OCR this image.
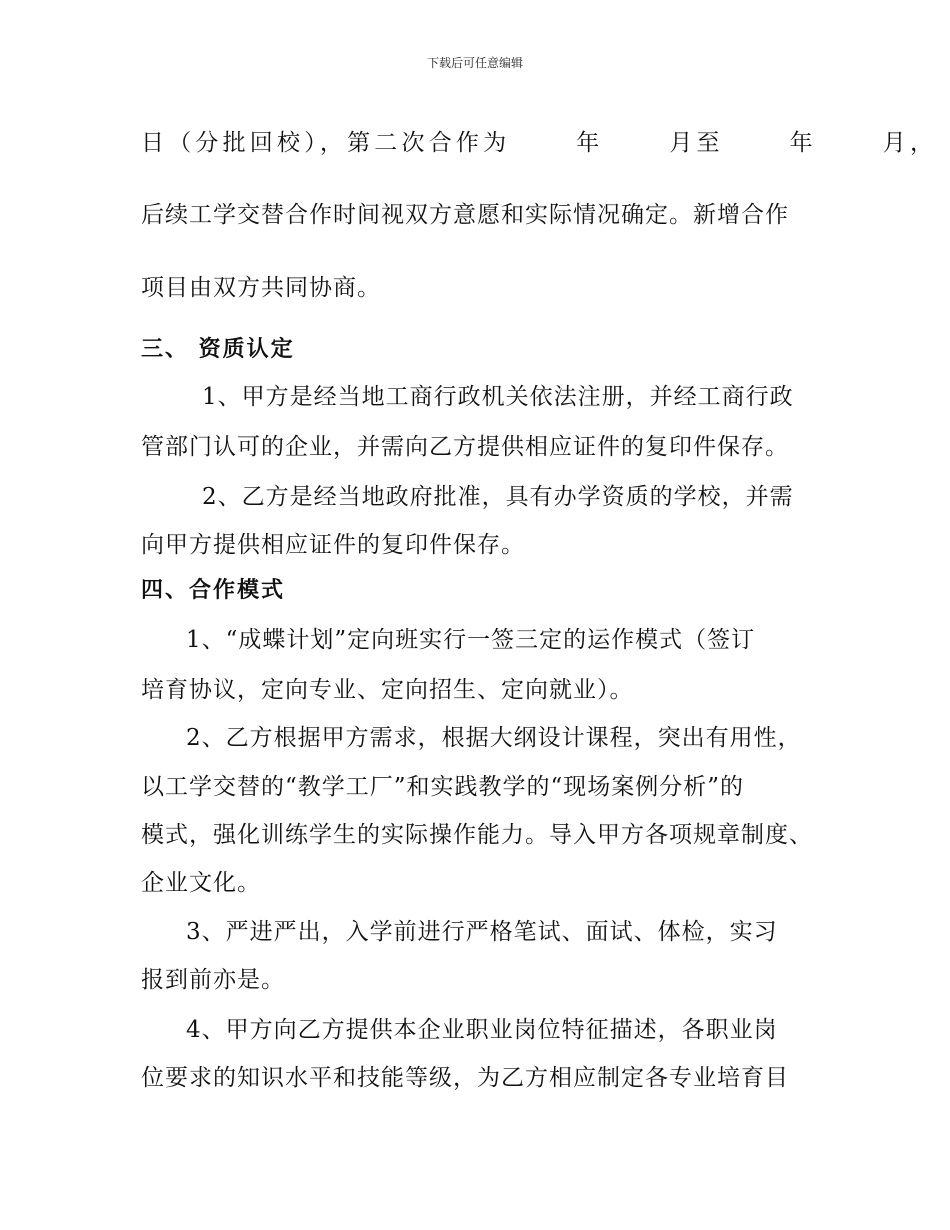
下载后可任意编辑
日（分批回校），第二次合作为　　 年　　 月至　　 年　　 月，
后续工学交替合作时间视双方意愿和实际情况确定。新增合作
项目由双方共同协商。
三、 资质认定
1、甲方是经当地工商行政机关依法注册，并经工商行政
管部门认可的企业，并需向乙方提供相应证件的复印件保存。
2、乙方是经当地政府批准，具有办学资质的学校，并需
向甲方提供相应证件的复印件保存。
四、合作模式
1、“成蝶计划”定向班实行一签三定的运作模式（签订
培育协议，定向专业、定向招生、定向就业）。
2、乙方根据甲方需求，根据大纲设计课程，突出有用性，
以工学交替的“教学工厂”和实践教学的“现场案例分析”的
模式，强化训练学生的实际操作能力。导入甲方各项规章制度、
企业文化。
3、严进严出，入学前进行严格笔试、面试、体检，实习
报到前亦是。
4、甲方向乙方提供本企业职业岗位特征描述，各职业岗
位要求的知识水平和技能等级，为乙方相应制定各专业培育目
